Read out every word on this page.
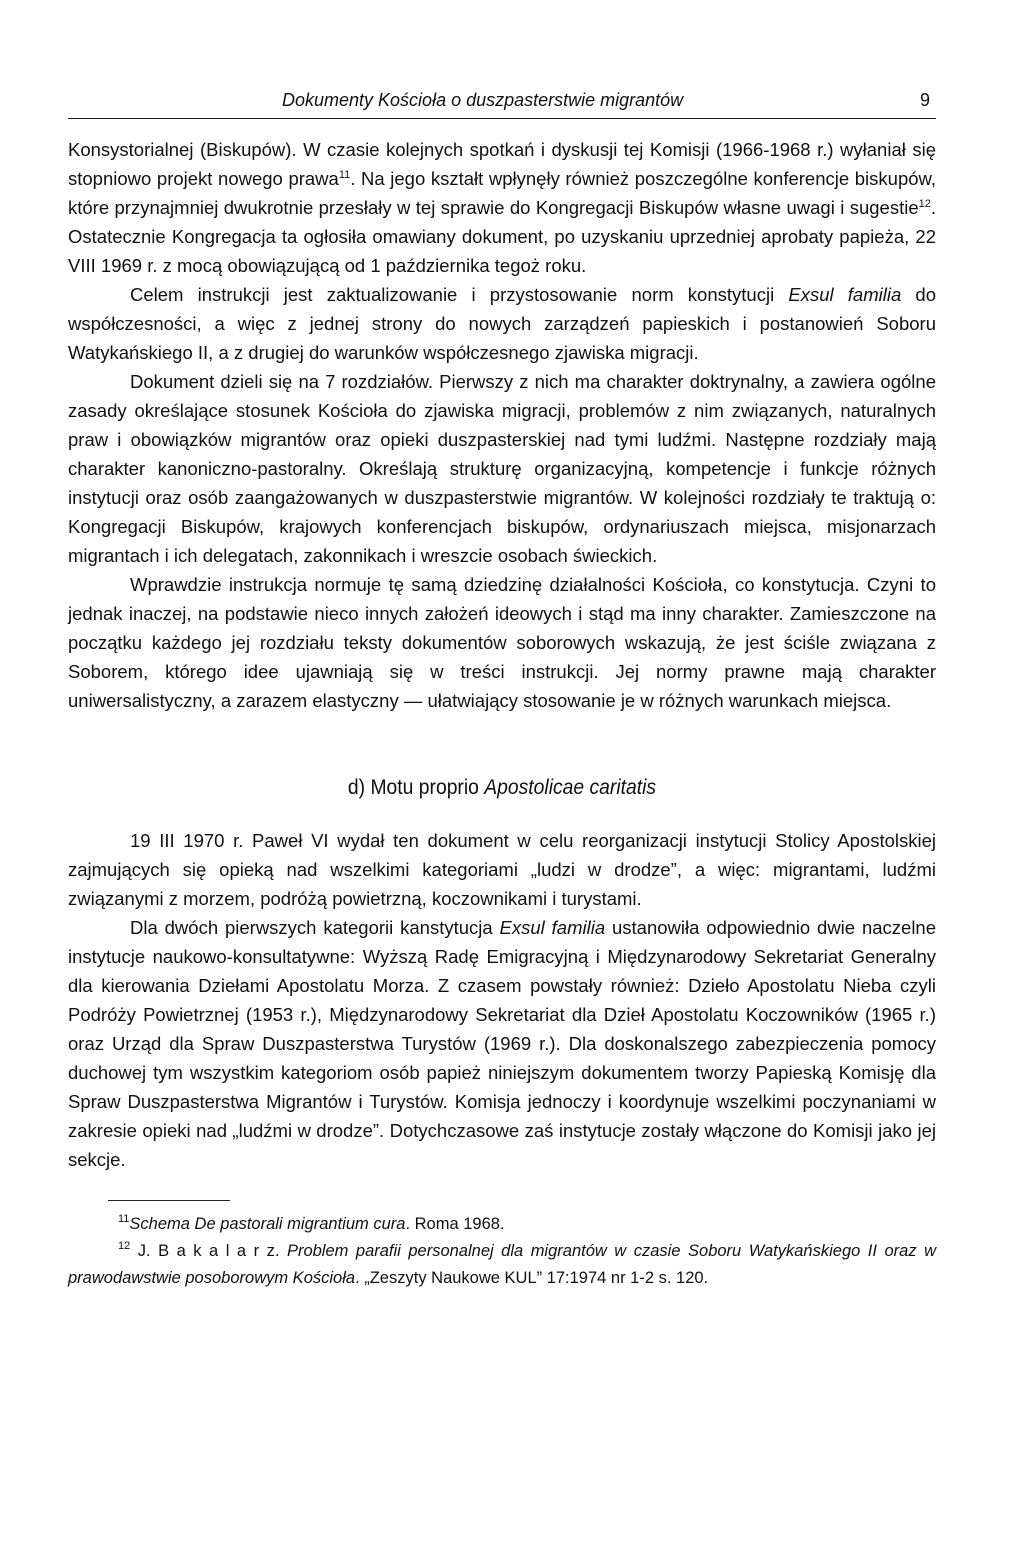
Dokumenty Kościoła o duszpasterstwie migrantów	9

Konsystorialnej (Biskupów). W czasie kolejnych spotkań i dyskusji tej Komisji (1966-1968 r.) wyłaniał się stopniowo projekt nowego prawa$^{11}$. Na jego kształt wpłynęły również poszczególne konferencje biskupów, które przynajmniej dwukrotnie przesłały w tej sprawie do Kongregacji Biskupów własne uwagi i sugestie$^{12}$. Ostatecznie Kongregacja ta ogłosiła omawiany dokument, po uzyskaniu uprzedniej aprobaty papieża, 22 VIII 1969 r. z mocą obowiązującą od 1 października tegoż roku.

Celem instrukcji jest zaktualizowanie i przystosowanie norm konstytucji Exsul familia do współczesności, a więc z jednej strony do nowych zarządzeń papieskich i postanowień Soboru Watykańskiego II, a z drugiej do warunków współczesnego zjawiska migracji.

Dokument dzieli się na 7 rozdziałów. Pierwszy z nich ma charakter doktrynalny, a zawiera ogólne zasady określające stosunek Kościoła do zjawiska migracji, problemów z nim związanych, naturalnych praw i obowiązków migrantów oraz opieki duszpasterskiej nad tymi ludźmi. Następne rozdziały mają charakter kanoniczno-pastoralny. Określają strukturę organizacyjną, kompetencje i funkcje różnych instytucji oraz osób zaangażowanych w duszpasterstwie migrantów. W kolejności rozdziały te traktują o: Kongregacji Biskupów, krajowych konferencjach biskupów, ordynariuszach miejsca, misjonarzach migrantach i ich delegatach, zakonnikach i wreszcie osobach świeckich.

Wprawdzie instrukcja normuje tę samą dziedzinę działalności Kościoła, co konstytucja. Czyni to jednak inaczej, na podstawie nieco innych założeń ideowych i stąd ma inny charakter. Zamieszczone na początku każdego jej rozdziału teksty dokumentów soborowych wskazują, że jest ściśle związana z Soborem, którego idee ujawniają się w treści instrukcji. Jej normy prawne mają charakter uniwersalistyczny, a zarazem elastyczny — ułatwiający stosowanie je w różnych warunkach miejsca.

d) Motu proprio Apostolicae caritatis

19 III 1970 r. Paweł VI wydał ten dokument w celu reorganizacji instytucji Stolicy Apostolskiej zajmujących się opieką nad wszelkimi kategoriami „ludzi w drodze”, a więc: migrantami, ludźmi związanymi z morzem, podróżą powietrzną, koczownikami i turystami.

Dla dwóch pierwszych kategorii kanstytucja Exsul familia ustanowiła odpowiednio dwie naczelne instytucje naukowo-konsultatywne: Wyższą Radę Emigracyjną i Międzynarodowy Sekretariat Generalny dla kierowania Dziełami Apostolatu Morza. Z czasem powstały również: Dzieło Apostolatu Nieba czyli Podróży Powietrznej (1953 r.), Międzynarodowy Sekretariat dla Dzieł Apostolatu Koczowników (1965 r.) oraz Urząd dla Spraw Duszpasterstwa Turystów (1969 r.). Dla doskonalszego zabezpieczenia pomocy duchowej tym wszystkim kategoriom osób papież niniejszym dokumentem tworzy Papieską Komisję dla Spraw Duszpasterstwa Migrantów i Turystów. Komisja jednoczy i koordynuje wszelkimi poczynaniami w zakresie opieki nad „ludźmi w drodze”. Dotychczasowe zaś instytucje zostały włączone do Komisji jako jej sekcje.

$^{11}$Schema De pastorali migrantium cura. Roma 1968.

$^{12}$ J. B a k a l a r z. Problem parafii personalnej dla migrantów w czasie Soboru Watykańskiego II oraz w prawodawstwie posoborowym Kościoła. „Zeszyty Naukowe KUL” 17:1974 nr 1-2 s. 120.
